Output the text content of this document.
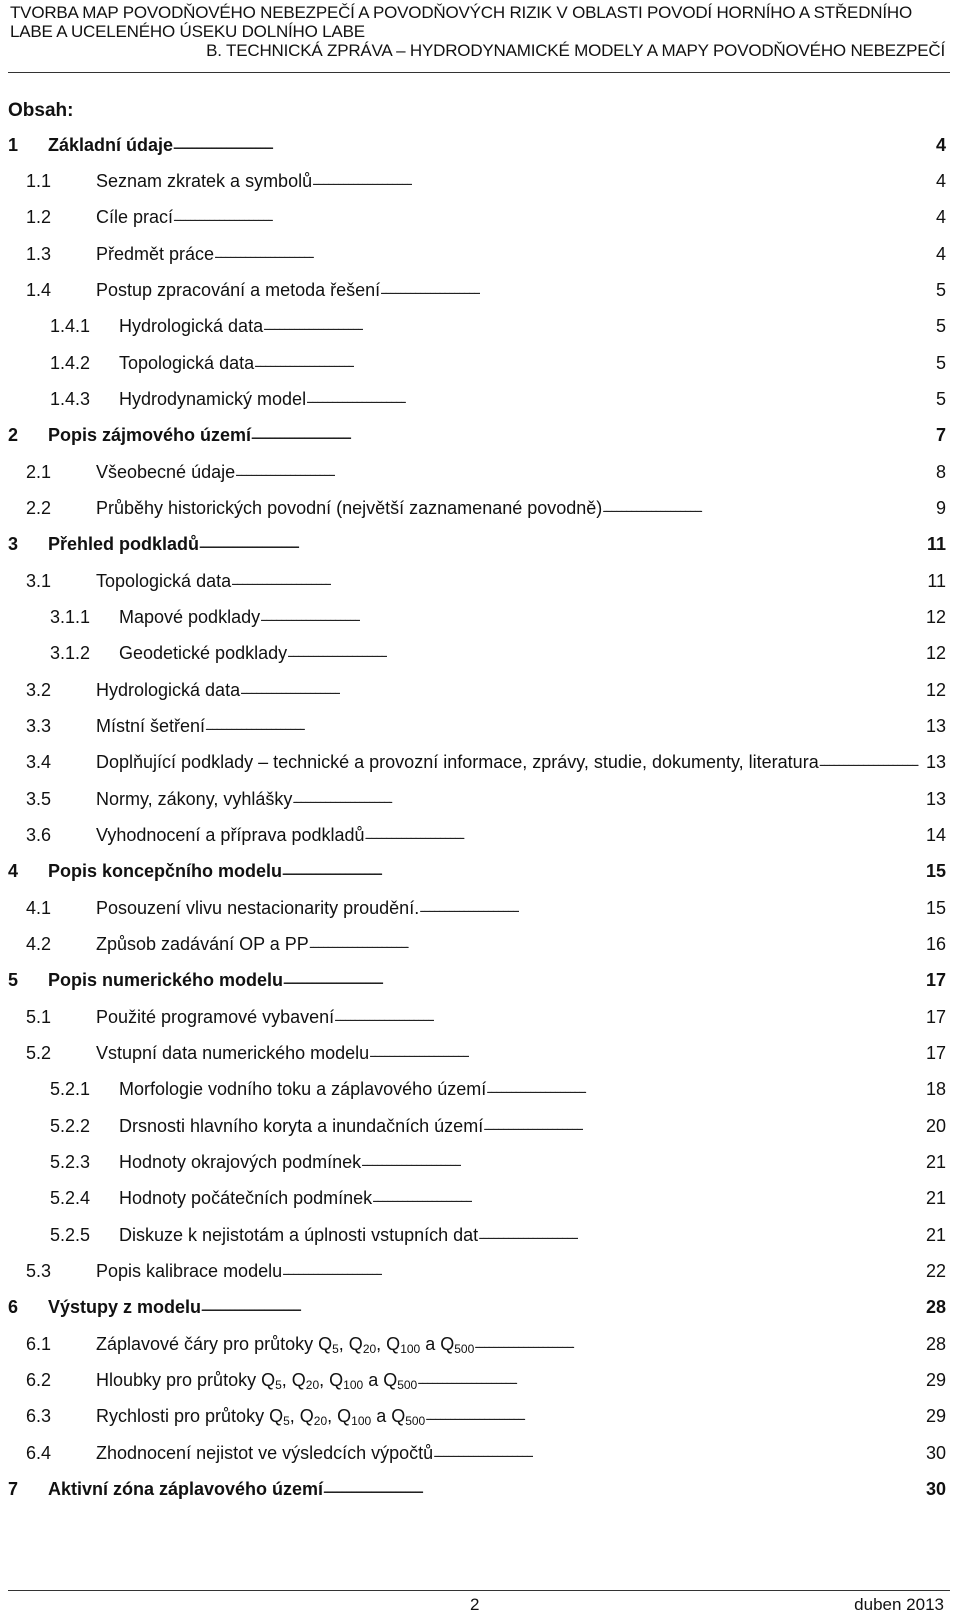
TVORBA MAP POVODŇOVÉHO NEBEZPEČÍ A POVODŇOVÝCH RIZIK V OBLASTI POVODÍ HORNÍHO A STŘEDNÍHO
LABE A UCELENÉHO ÚSEKU DOLNÍHO LABE
B. TECHNICKÁ ZPRÁVA – HYDRODYNAMICKÉ MODELY A MAPY POVODŇOVÉHO NEBEZPEČÍ
Obsah:
1	Základní údaje . . .	4
1.1	Seznam zkratek a symbolů . . .	4
1.2	Cíle prací . . .	4
1.3	Předmět práce . . .	4
1.4	Postup zpracování a metoda řešení . . .	5
1.4.1	Hydrologická data . . .	5
1.4.2	Topologická data . . .	5
1.4.3	Hydrodynamický model . . .	5
2	Popis zájmového území . . .	7
2.1	Všeobecné údaje . . .	8
2.2	Průběhy historických povodní (největší zaznamenané povodně) . . .	9
3	Přehled podkladů . . .	11
3.1	Topologická data . . .	11
3.1.1	Mapové podklady . . .	12
3.1.2	Geodetické podklady . . .	12
3.2	Hydrologická data . . .	12
3.3	Místní šetření . . .	13
3.4	Doplňující podklady – technické a provozní informace, zprávy, studie, dokumenty, literatura . . .	13
3.5	Normy, zákony, vyhlášky . . .	13
3.6	Vyhodnocení a příprava podkladů . . .	14
4	Popis koncepčního modelu . . .	15
4.1	Posouzení vlivu nestacionarity proudění. . . .	15
4.2	Způsob zadávání OP a PP . . .	16
5	Popis numerického modelu . . .	17
5.1	Použité programové vybavení . . .	17
5.2	Vstupní data numerického modelu . . .	17
5.2.1	Morfologie vodního toku a záplavového území . . .	18
5.2.2	Drsnosti hlavního koryta a inundačních území . . .	20
5.2.3	Hodnoty okrajových podmínek . . .	21
5.2.4	Hodnoty počátečních podmínek . . .	21
5.2.5	Diskuze k nejistotám a úplnosti vstupních dat . . .	21
5.3	Popis kalibrace modelu . . .	22
6	Výstupy z modelu . . .	28
6.1	Záplavové čáry pro průtoky $Q_5$, $Q_{20}$, $Q_{100}$ a $Q_{500}$ . . .	28
6.2	Hloubky pro průtoky $Q_5$, $Q_{20}$, $Q_{100}$ a $Q_{500}$ . . .	29
6.3	Rychlosti pro průtoky $Q_5$, $Q_{20}$, $Q_{100}$ a $Q_{500}$ . . .	29
6.4	Zhodnocení nejistot ve výsledcích výpočtů . . .	30
7	Aktivní zóna záplavového území . . .	30
2	duben 2013
